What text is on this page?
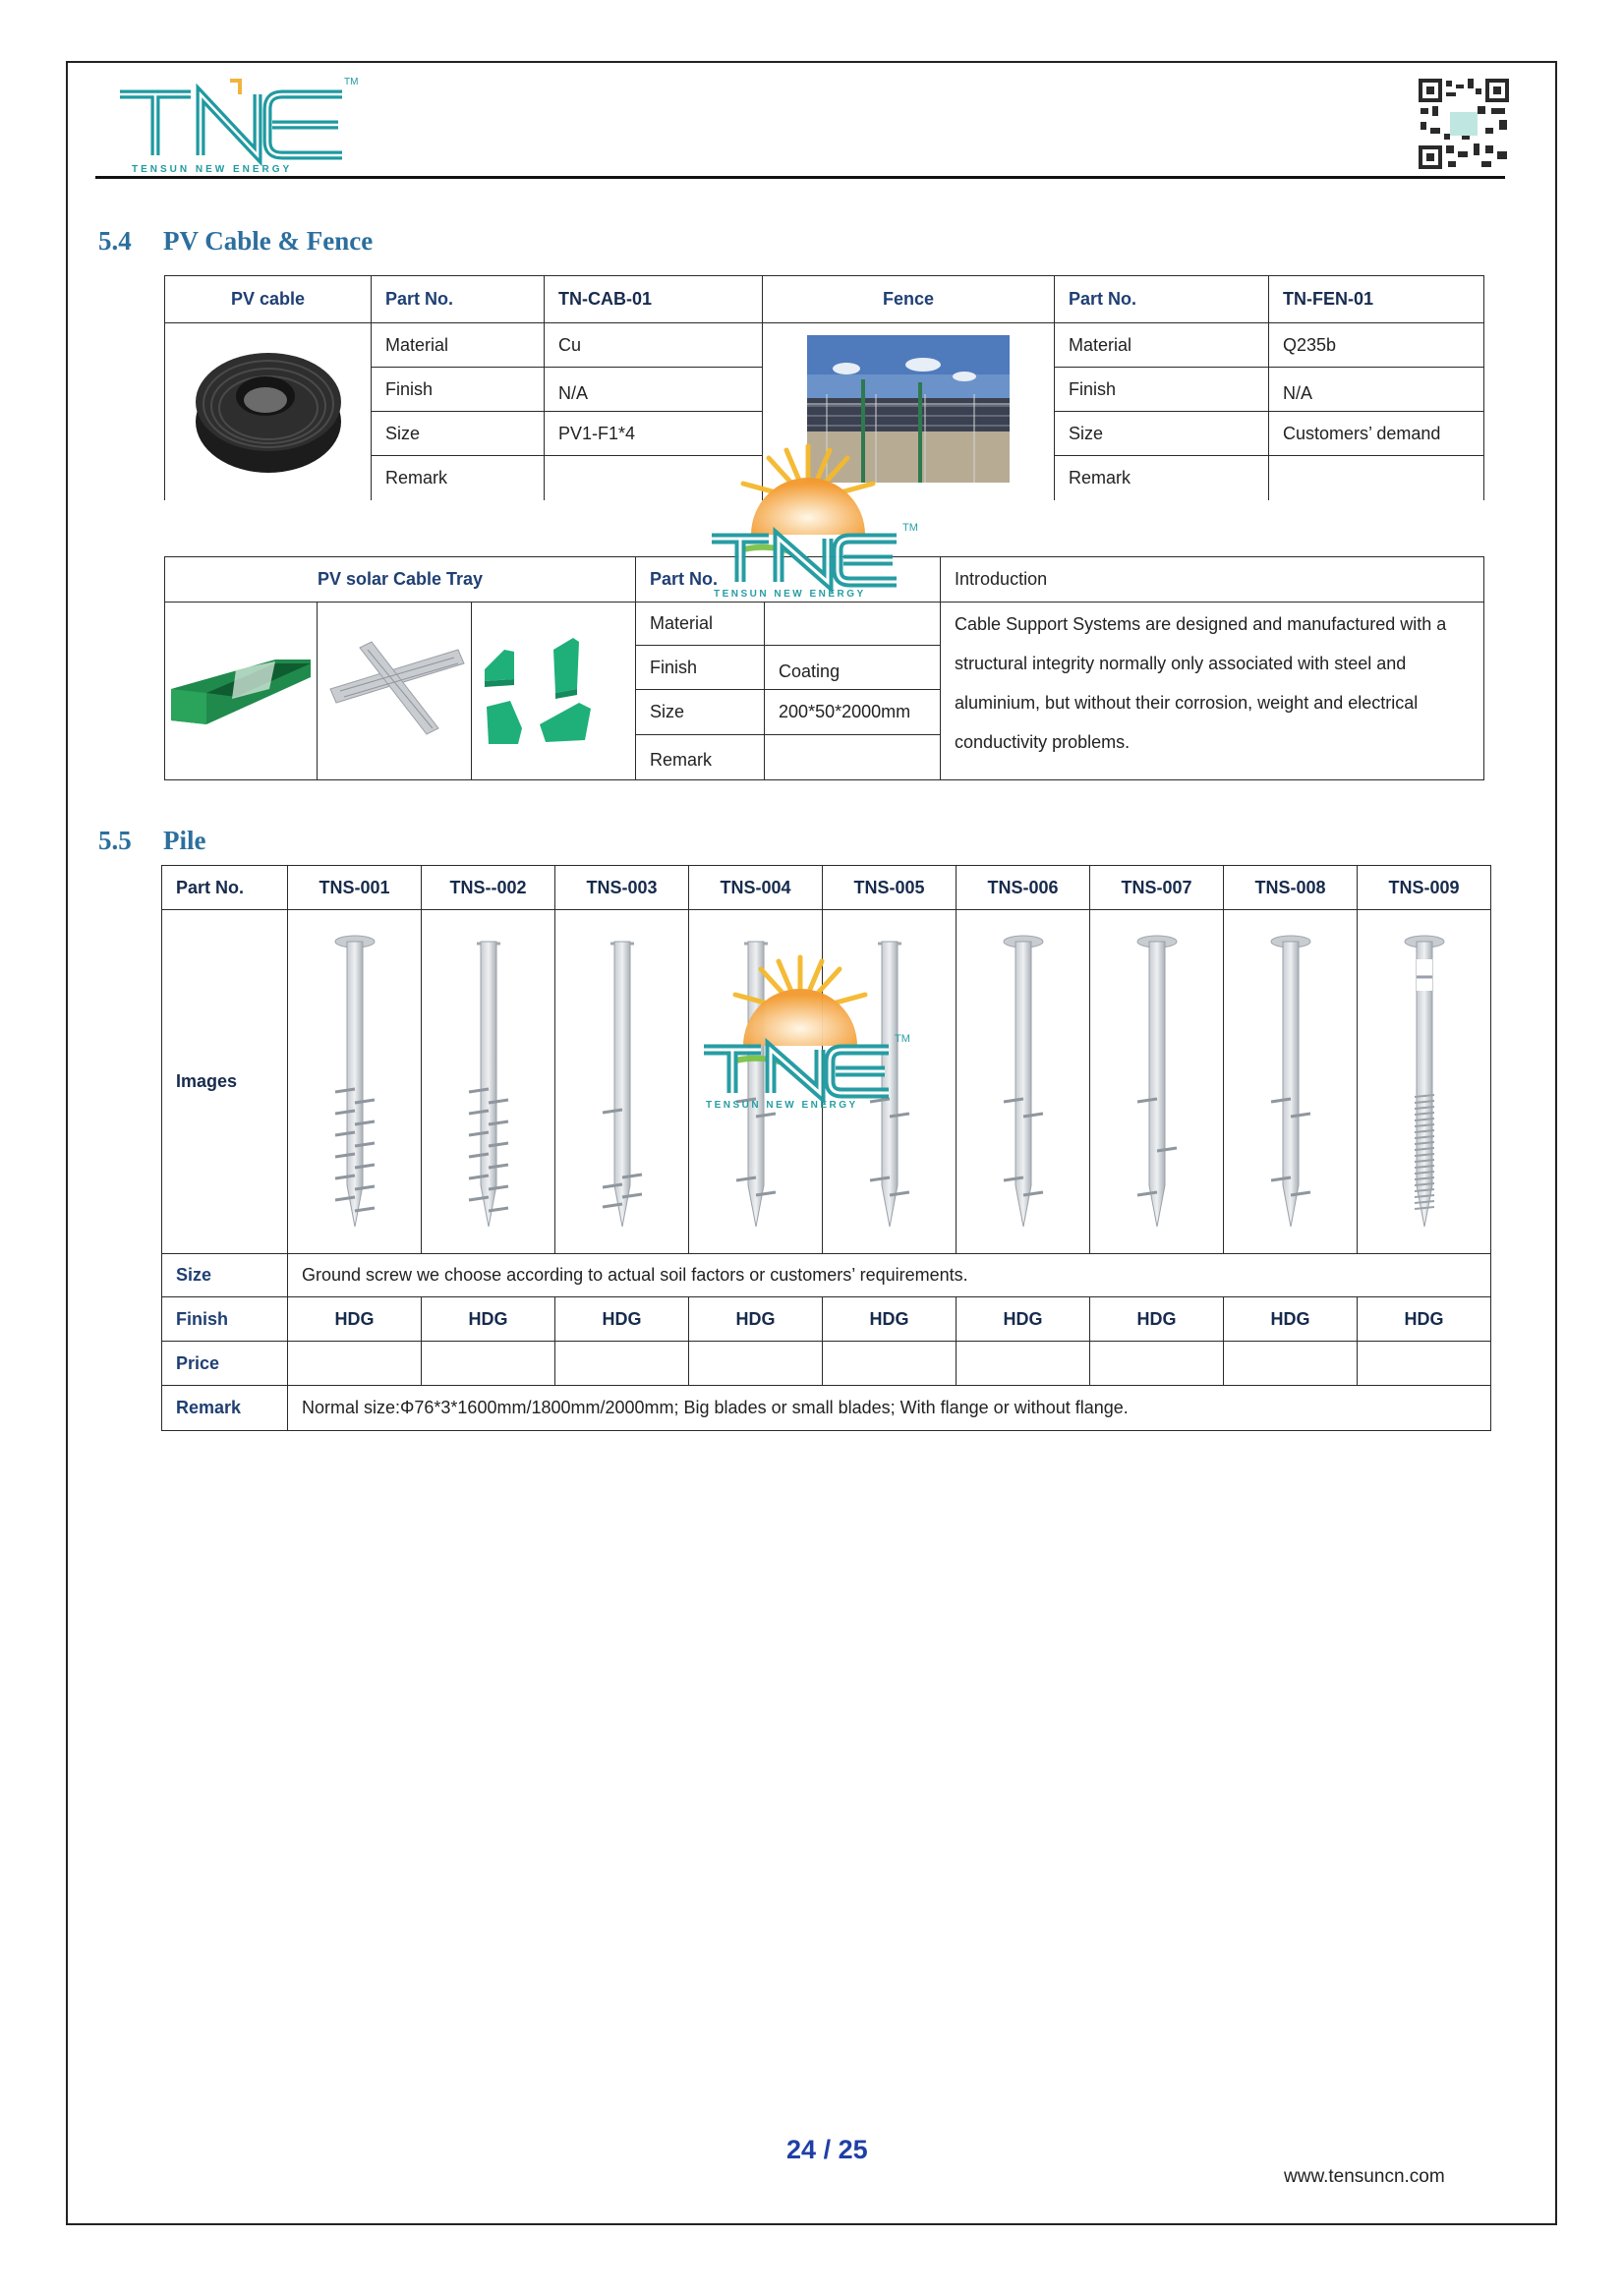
TM
TENSUN NEW ENERGY
5.4 PV Cable & Fence
PV cable	Part No.	TN-CAB-01	Fence	Part No.	TN-FEN-01
	Material	Cu		Material	Q235b
	Finish	N/A		Finish	N/A
	Size	PV1-F1*4		Size	Customers’ demand
	Remark			Remark	
PV solar Cable Tray			Part No.		Introduction
			Material		Cable Support Systems are designed and manufactured with a structural integrity normally only associated with steel and aluminium, but without their corrosion, weight and electrical conductivity problems.
			Finish	Coating	
			Size	200*50*2000mm	
			Remark		
5.5 Pile
Part No.	TNS-001	TNS--002	TNS-003	TNS-004	TNS-005	TNS-006	TNS-007	TNS-008	TNS-009
Images	

Size	Ground screw we choose according to actual soil factors or customers’ requirements.								
Finish	HDG	HDG	HDG	HDG	HDG	HDG	HDG	HDG	HDG
Price									
Remark	Normal size:Φ76*3*1600mm/1800mm/2000mm; Big blades or small blades; With flange or without flange.								
TM
TENSUN NEW ENERGY
TM
TENSUN NEW ENERGY
24 / 25
www.tensuncn.com
